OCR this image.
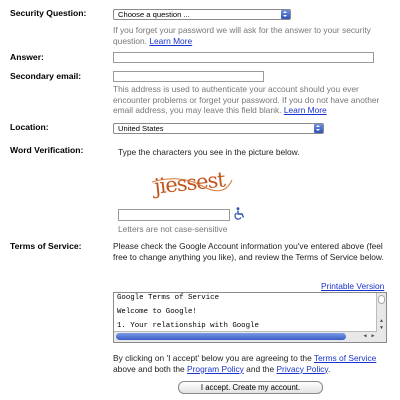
Security Question:	Choose a question ...
If you forget your password we will ask for the answer to your security question. Learn More
Answer:
Secondary email:
This address is used to authenticate your account should you ever encounter problems or forget your password. If you do not have another email address, you may leave this field blank. Learn More
Location:	United States
Word Verification:	Type the characters you see in the picture below.
jiessest
Letters are not case-sensitive
Terms of Service:	Please check the Google Account information you've entered above (feel free to change anything you like), and review the Terms of Service below.
Printable Version
Google Terms of Service
Welcome to Google!
1. Your relationship with Google
▲
▼
◀ ▶
By clicking on 'I accept' below you are agreeing to the Terms of Service above and both the Program Policy and the Privacy Policy.
I accept. Create my account.
